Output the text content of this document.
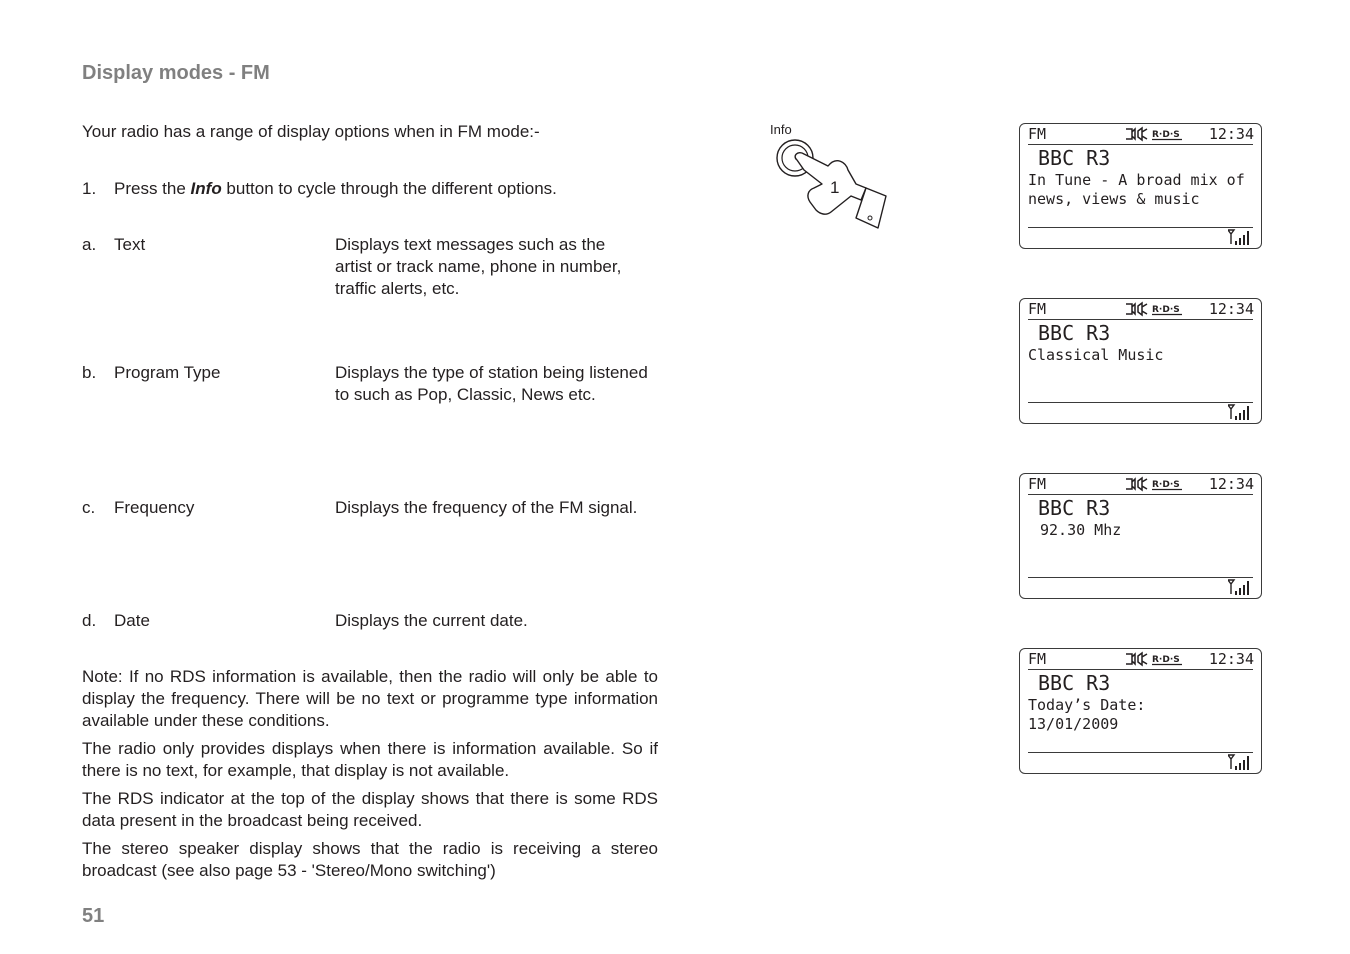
Display modes - FM
Your radio has a range of display options when in FM mode:-
1. Press the Info button to cycle through the different options.
a. Text	Displays text messages such as the
artist or track name, phone in number,
traffic alerts, etc.
b. Program Type	Displays the type of station being listened
to such as Pop, Classic, News etc.
c. Frequency	Displays the frequency of the FM signal.
d. Date	Displays the current date.
Note: If no RDS information is available, then the radio will only be able to display the frequency. There will be no text or programme type information available under these conditions.
The radio only provides displays when there is information available. So if there is no text, for example, that display is not available.
The RDS indicator at the top of the display shows that there is some RDS data present in the broadcast being received.
The stereo speaker display shows that the radio is receiving a stereo broadcast (see also page 53 - 'Stereo/Mono switching')
51
Info
1
FM	R·D·S 12:34
BBC R3
In Tune - A broad mix of
news, views & music
FM	R·D·S 12:34
BBC R3
Classical Music
FM	R·D·S 12:34
BBC R3
92.30 Mhz
FM	R·D·S 12:34
BBC R3
Today’s Date:
13/01/2009
